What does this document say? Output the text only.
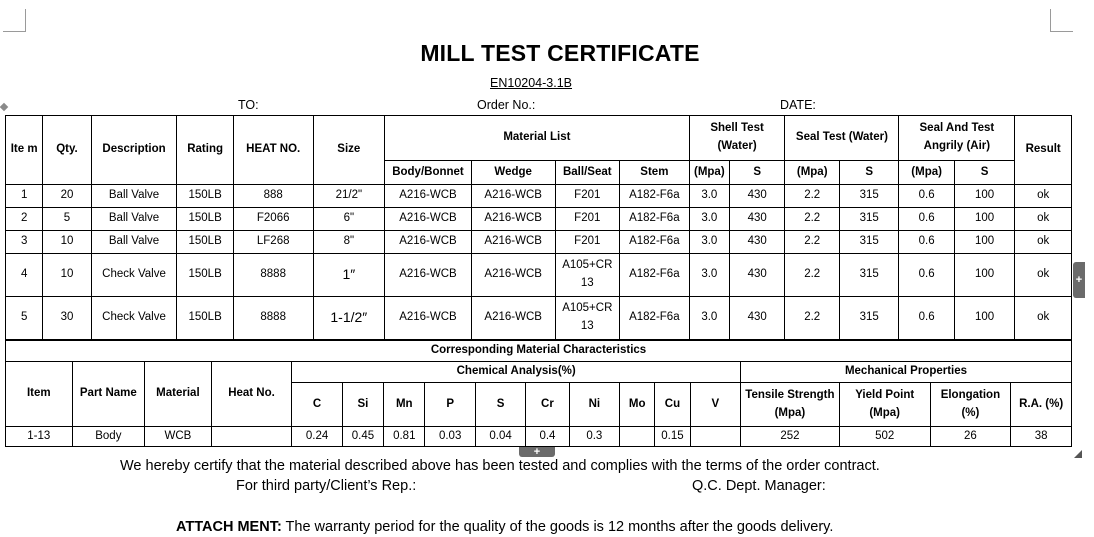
MILL TEST CERTIFICATE
EN10204-3.1B
TO:	Order No.:	DATE:
Ite m	Qty.	Description	Rating	HEAT NO.	Size	Material List				Shell Test (Water)		Seal Test (Water)		Seal And Test Angrily (Air)		Result
						Body/Bonnet	Wedge	Ball/Seat	Stem	(Mpa)	S	(Mpa)	S	(Mpa)	S	
1	20	Ball Valve	150LB	888	21/2"	A216-WCB	A216-WCB	F201	A182-F6a	3.0	430	2.2	315	0.6	100	ok
2	5	Ball Valve	150LB	F2066	6"	A216-WCB	A216-WCB	F201	A182-F6a	3.0	430	2.2	315	0.6	100	ok
3	10	Ball Valve	150LB	LF268	8"	A216-WCB	A216-WCB	F201	A182-F6a	3.0	430	2.2	315	0.6	100	ok
4	10	Check Valve	150LB	8888	1″	A216-WCB	A216-WCB	A105+CR 13	A182-F6a	3.0	430	2.2	315	0.6	100	ok
5	30	Check Valve	150LB	8888	1-1/2″	A216-WCB	A216-WCB	A105+CR 13	A182-F6a	3.0	430	2.2	315	0.6	100	ok
Corresponding Material Characteristics																	
Item	Part Name	Material	Heat No.	Chemical Analysis(%)										Mechanical Properties			
				C	Si	Mn	P	S	Cr	Ni	Mo	Cu	V	Tensile Strength (Mpa)	Yield Point (Mpa)	Elongation (%)	R.A. (%)
1-13	Body	WCB		0.24	0.45	0.81	0.03	0.04	0.4	0.3		0.15		252	502	26	38
+
+
We hereby certify that the material described above has been tested and complies with the terms of the order contract.
For third party/Client’s Rep.:	Q.C. Dept. Manager:
ATTACH MENT: The warranty period for the quality of the goods is 12 months after the goods delivery.
